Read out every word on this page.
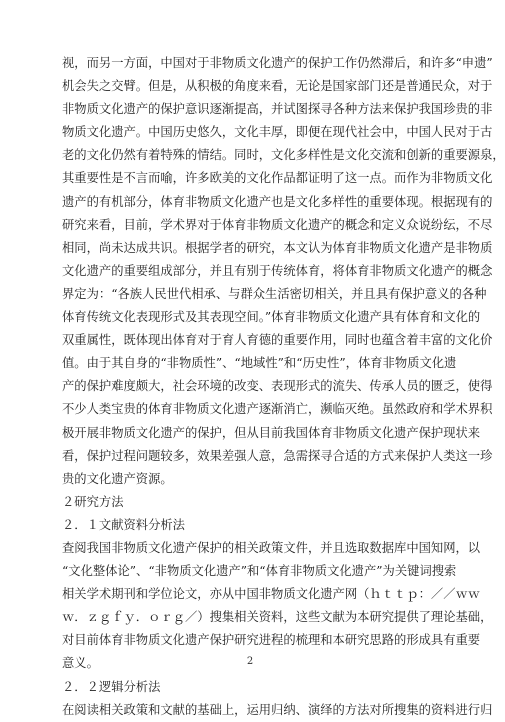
视，而另一方面，中国对于非物质文化遗产的保护工作仍然滞后，和许多“申遗”
机会失之交臂。但是，从积极的角度来看，无论是国家部门还是普通民众，对于
非物质文化遗产的保护意识逐渐提高，并试图探寻各种方法来保护我国珍贵的非
物质文化遗产。中国历史悠久，文化丰厚，即便在现代社会中，中国人民对于古
老的文化仍然有着特殊的情结。同时，文化多样性是文化交流和创新的重要源泉，
其重要性是不言而喻，许多欧美的文化作品都证明了这一点。而作为非物质文化
遗产的有机部分，体育非物质文化遗产也是文化多样性的重要体现。根据现有的
研究来看，目前，学术界对于体育非物质文化遗产的概念和定义众说纷纭，不尽
相同，尚未达成共识。根据学者的研究，本文认为体育非物质文化遗产是非物质
文化遗产的重要组成部分，并且有别于传统体育，将体育非物质文化遗产的概念
界定为：“各族人民世代相承、与群众生活密切相关，并且具有保护意义的各种
体育传统文化表现形式及其表现空间。”体育非物质文化遗产具有体育和文化的
双重属性，既体现出体育对于育人育德的重要作用，同时也蕴含着丰富的文化价
值。由于其自身的“非物质性”、“地域性”和“历史性”，体育非物质文化遗
产的保护难度颇大，社会环境的改变、表现形式的流失、传承人员的匮乏，使得
不少人类宝贵的体育非物质文化遗产逐渐消亡，濒临灭绝。虽然政府和学术界积
极开展非物质文化遗产的保护，但从目前我国体育非物质文化遗产保护现状来
看，保护过程问题较多，效果差强人意，急需探寻合适的方式来保护人类这一珍
贵的文化遗产资源。
２研究方法
２．１文献资料分析法
查阅我国非物质文化遗产保护的相关政策文件，并且选取数据库中国知网，以
“文化整体论”、“非物质文化遗产”和“体育非物质文化遗产”为关键词搜索
相关学术期刊和学位论文，亦从中国非物质文化遗产网（ｈｔｔｐ：／／ｗｗ
ｗ．ｚｇｆｙ．ｏｒｇ／）搜集相关资料，这些文献为本研究提供了理论基础，
对目前体育非物质文化遗产保护研究进程的梳理和本研究思路的形成具有重要
意义。
２．２逻辑分析法
在阅读相关政策和文献的基础上，运用归纳、演绎的方法对所搜集的资料进行归
2
